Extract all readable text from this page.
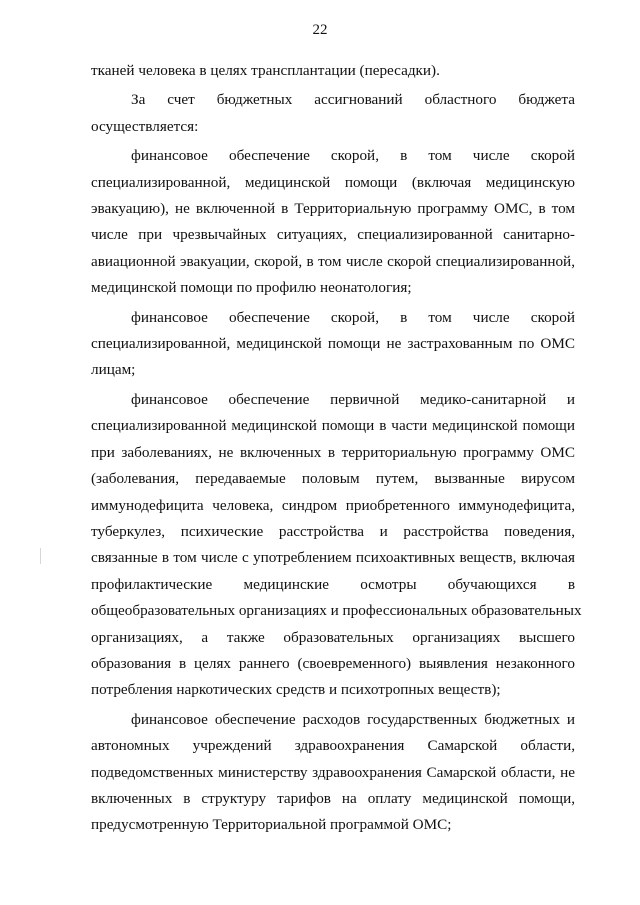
22

тканей человека в целях трансплантации (пересадки).

За счет бюджетных ассигнований областного бюджета
осуществляется:

финансовое обеспечение скорой, в том числе скорой
специализированной, медицинской помощи (включая медицинскую
эвакуацию), не включенной в Территориальную программу ОМС, в том
числе при чрезвычайных ситуациях, специализированной санитарно-
авиационной эвакуации, скорой, в том числе скорой специализированной,
медицинской помощи по профилю неонатология;

финансовое обеспечение скорой, в том числе скорой
специализированной, медицинской помощи не застрахованным по ОМС
лицам;

финансовое обеспечение первичной медико-санитарной и
специализированной медицинской помощи в части медицинской помощи
при заболеваниях, не включенных в территориальную программу ОМС
(заболевания, передаваемые половым путем, вызванные вирусом
иммунодефицита человека, синдром приобретенного иммунодефицита,
туберкулез, психические расстройства и расстройства поведения,
связанные в том числе с употреблением психоактивных веществ, включая
профилактические медицинские осмотры обучающихся в
общеобразовательных организациях и профессиональных образовательных
организациях, а также образовательных организациях высшего
образования в целях раннего (своевременного) выявления незаконного
потребления наркотических средств и психотропных веществ);

финансовое обеспечение расходов государственных бюджетных и
автономных учреждений здравоохранения Самарской области,
подведомственных министерству здравоохранения Самарской области, не
включенных в структуру тарифов на оплату медицинской помощи,
предусмотренную Территориальной программой ОМС;
